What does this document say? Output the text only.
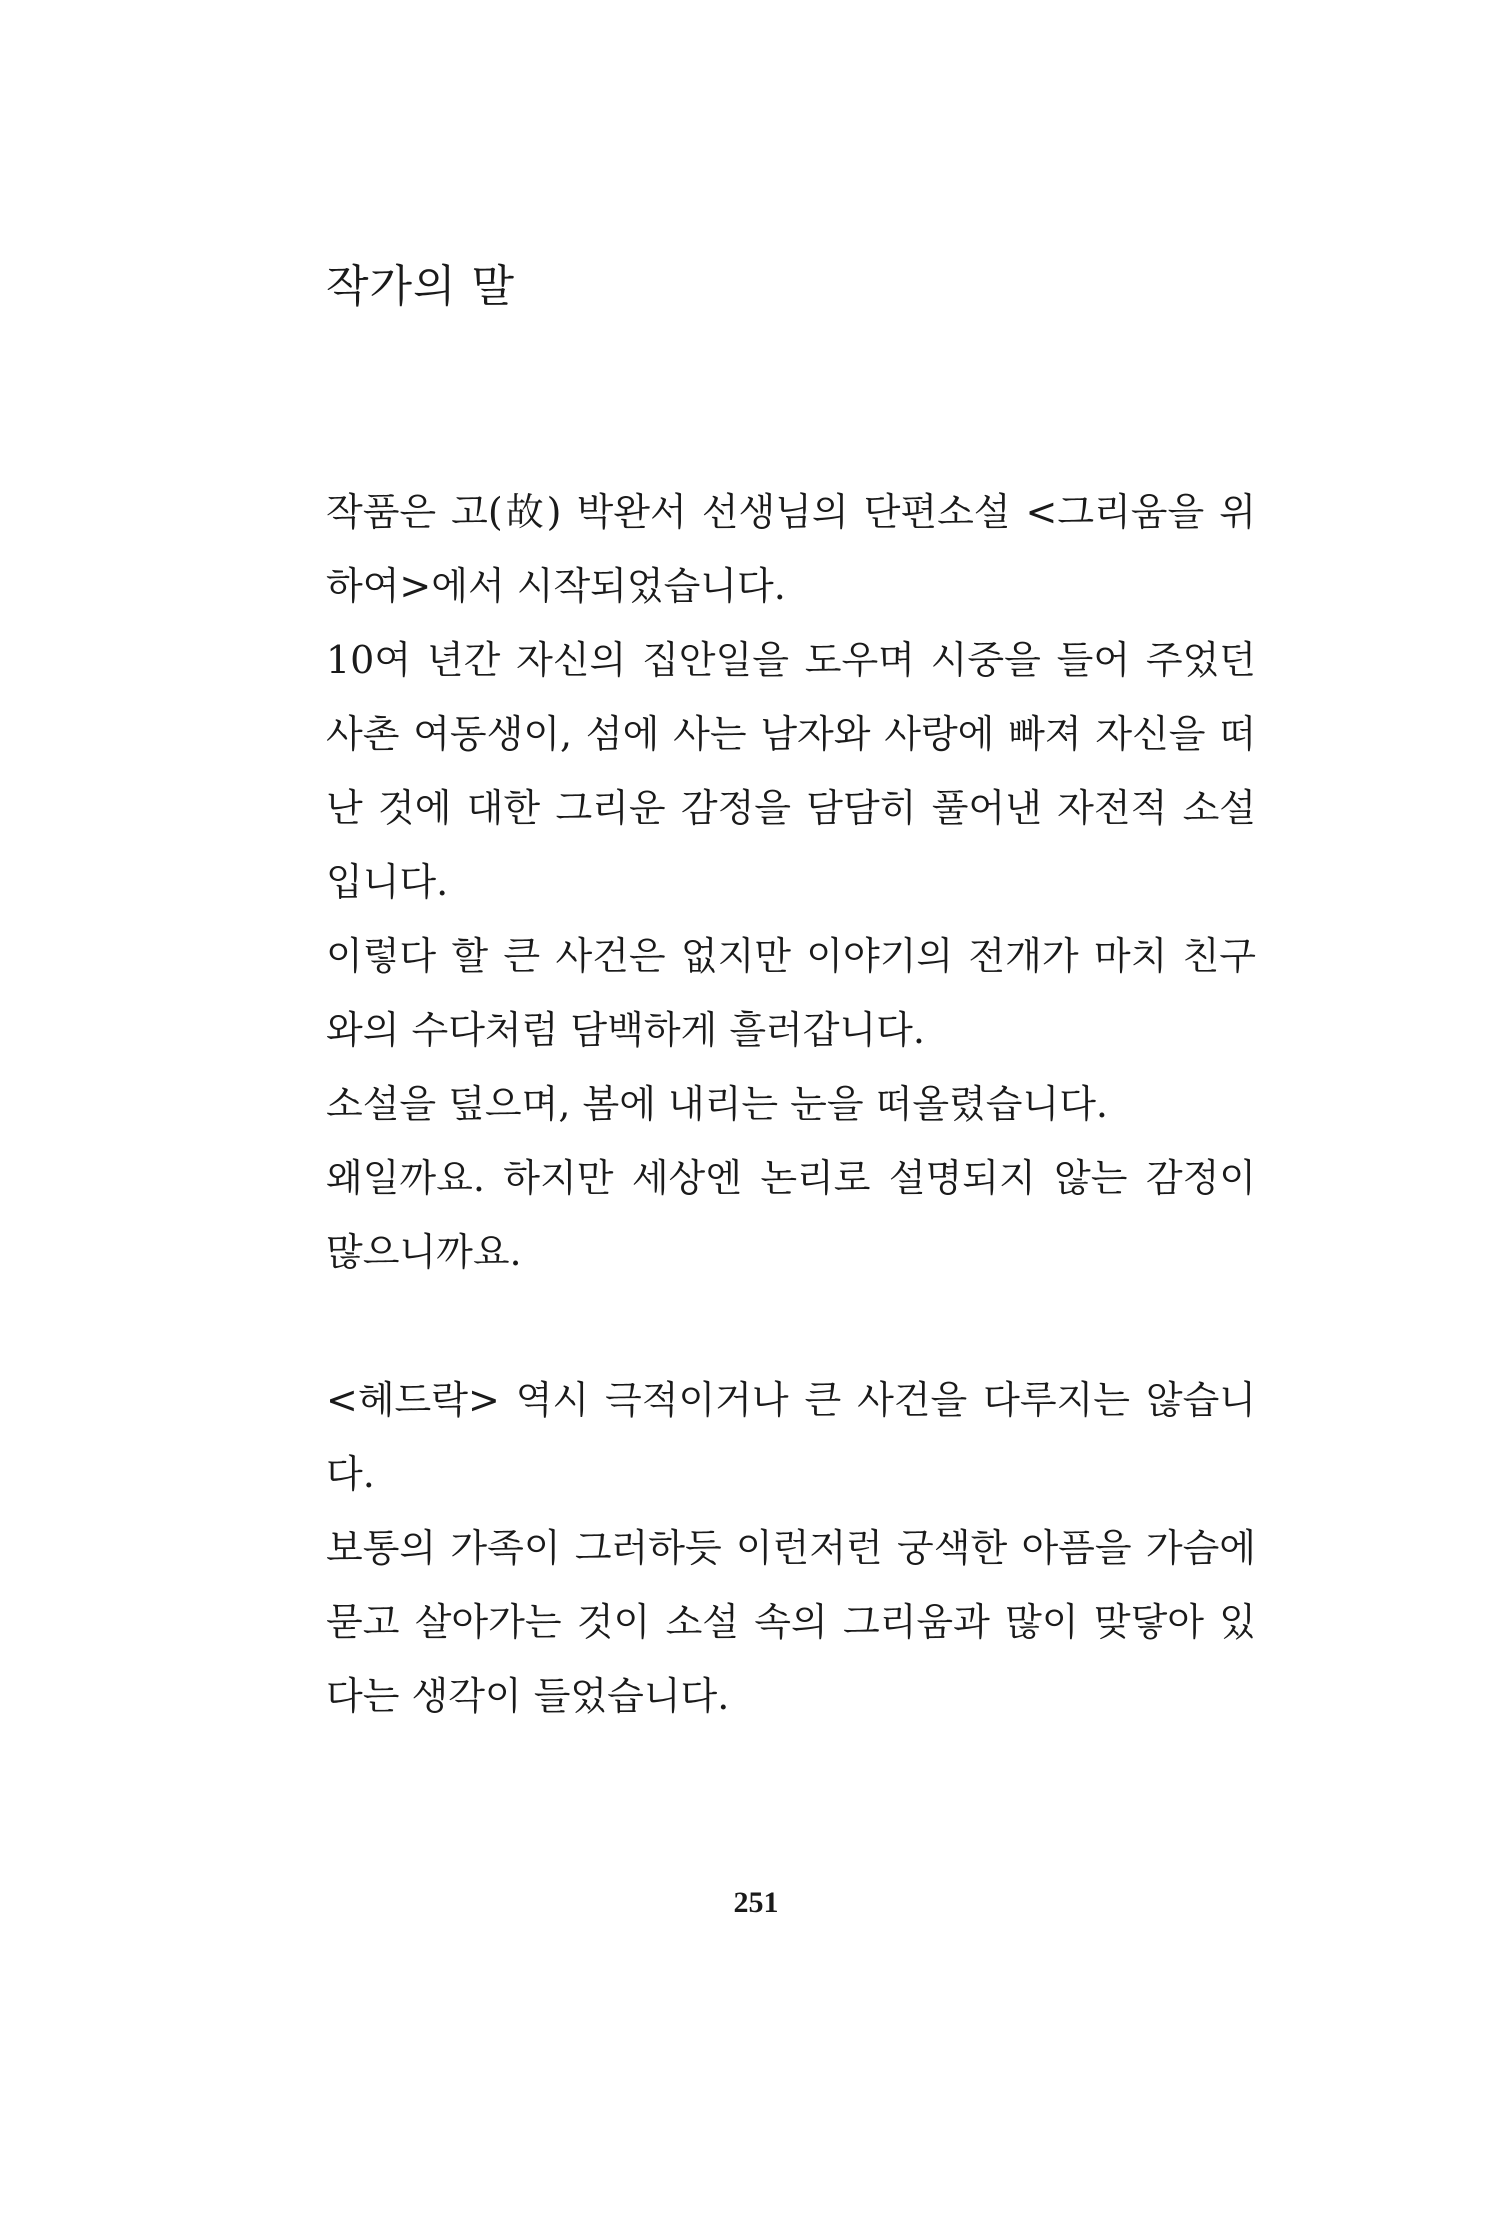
작가의 말

작품은 고(故) 박완서 선생님의 단편소설 <그리움을 위하여>에서 시작되었습니다.

10여 년간 자신의 집안일을 도우며 시중을 들어 주었던 사촌 여동생이, 섬에 사는 남자와 사랑에 빠져 자신을 떠난 것에 대한 그리운 감정을 담담히 풀어낸 자전적 소설입니다.

이렇다 할 큰 사건은 없지만 이야기의 전개가 마치 친구와의 수다처럼 담백하게 흘러갑니다.

소설을 덮으며, 봄에 내리는 눈을 떠올렸습니다.

왜일까요. 하지만 세상엔 논리로 설명되지 않는 감정이 많으니까요.

<헤드락> 역시 극적이거나 큰 사건을 다루지는 않습니다.

보통의 가족이 그러하듯 이런저런 궁색한 아픔을 가슴에 묻고 살아가는 것이 소설 속의 그리움과 많이 맞닿아 있다는 생각이 들었습니다.

251
